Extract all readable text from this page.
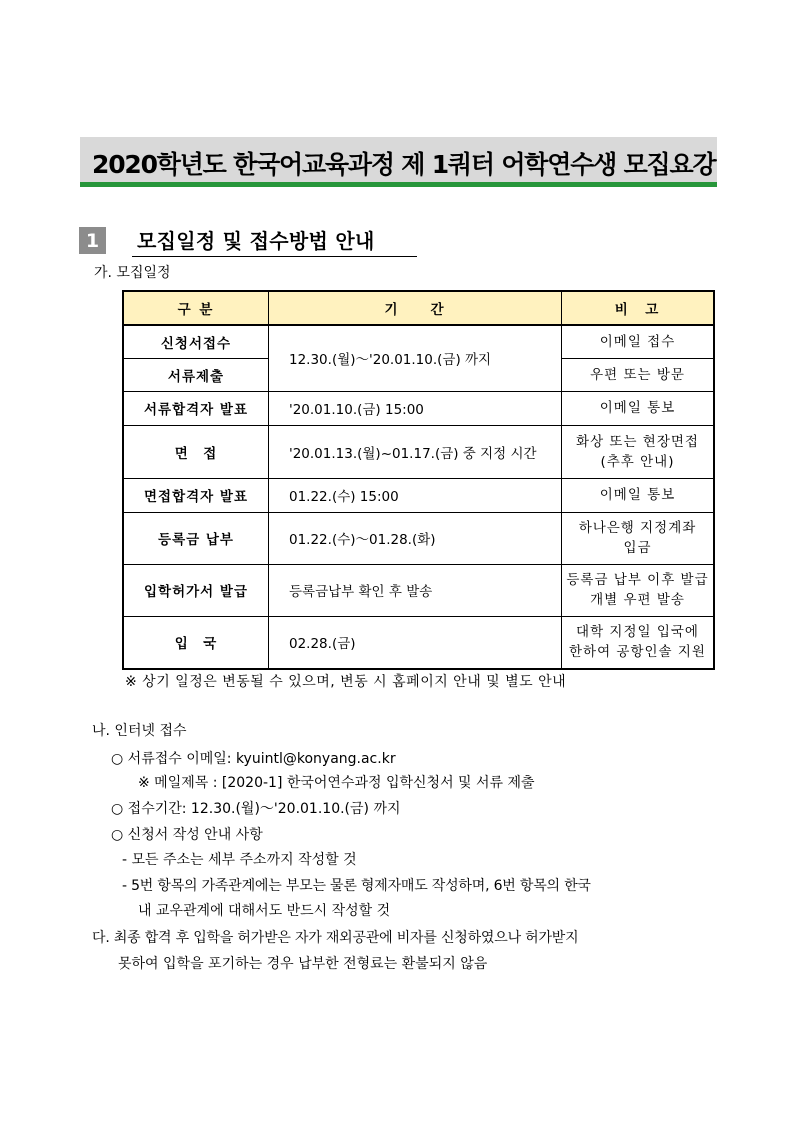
2020학년도 한국어교육과정 제 1쿼터 어학연수생 모집요강
1	모집일정 및 접수방법 안내
가. 모집일정
구 분	기　　간	비　고
신청서접수	12.30.(월)～'20.01.10.(금) 까지	이메일 접수
서류제출		우편 또는 방문
서류합격자 발표	'20.01.10.(금) 15:00	이메일 통보
면　접	'20.01.13.(월)~01.17.(금) 중 지정 시간	화상 또는 현장면접
(추후 안내)
면접합격자 발표	01.22.(수) 15:00	이메일 통보
등록금 납부	01.22.(수)～01.28.(화)	하나은행 지정계좌
입금
입학허가서 발급	등록금납부 확인 후 발송	등록금 납부 이후 발급
개별 우편 발송
입　국	02.28.(금)	대학 지정일 입국에
한하여 공항인솔 지원
※ 상기 일정은 변동될 수 있으며, 변동 시 홈페이지 안내 및 별도 안내
나. 인터넷 접수
○ 서류접수 이메일: kyuintl@konyang.ac.kr
※ 메일제목 : [2020-1] 한국어연수과정 입학신청서 및 서류 제출
○ 접수기간: 12.30.(월)～'20.01.10.(금) 까지
○ 신청서 작성 안내 사항
- 모든 주소는 세부 주소까지 작성할 것
- 5번 항목의 가족관계에는 부모는 물론 형제자매도 작성하며, 6번 항목의 한국
내 교우관계에 대해서도 반드시 작성할 것
다. 최종 합격 후 입학을 허가받은 자가 재외공관에 비자를 신청하였으나 허가받지
못하여 입학을 포기하는 경우 납부한 전형료는 환불되지 않음
